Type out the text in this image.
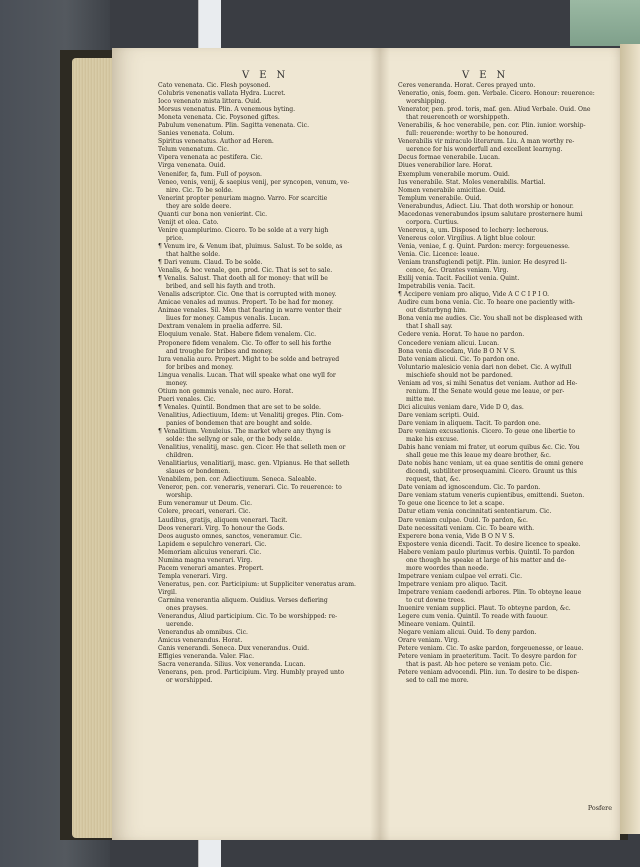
VEN	VEN
Cato venenata. Cic. Flesh poysoned.
Colubris venenatis vallata Hydra. Lucret.
Ioco venenato mista littera. Ouid.
Morsus venenatus. Plin. A venemous byting.
Moneta venenata. Cic. Poysoned giftes.
Pabulum venenatum. Plin. Sagitta venenata. Cic.
Sanies venenata. Colum.
Spiritus venenatus. Author ad Heren.
Telum venenatum. Cic.
Vipera venenata ac pestifera. Cic.
Virga venenata. Ouid.
Venenifer, fa, fum. Full of poyson.
Veneo, venis, venij, & saepius venij, per syncopen, venum, ve-
nire. Cic. To be solde.
Venerint propter penuriam magno. Varro. For scarcitie
they are solde deere.
Quanti cur bona non venierint. Cic.
Venijt et olea. Cato.
Venire quamplurimo. Cicero. To be solde at a very high
price.
¶ Venum ire, & Venum ibat, pluimus. Salust. To be solde, as
that halthe solde.
¶ Dari venum. Claud. To be solde.
Venalis, & hoc venale, gen. prod. Cic. That is set to sale.
¶ Venalis. Salust. That doeth all for money: that will be
bribed, and sell his fayth and troth.
Venalis adscriptor. Cic. One that is corrupted with money.
Amicae venales ad munus. Propert. To be had for money.
Animae venales. Sil. Men that fearing in warre venter their
liues for money. Campus venalis. Lucan.
Dextram venalem in praelia adferre. Sil.
Eloquium venale. Stat. Habere fidem venalem. Cic.
Proponere fidem venalem. Cic. To offer to sell his forthe
and troughe for bribes and money.
Iura venalia auro. Propert. Might to be solde and betrayed
for bribes and money.
Lingua venalis. Lucan. That will speake what one wyll for
money.
Otium non gemmis venale, nec auro. Horat.
Pueri venales. Cic.
¶ Venales. Quintil. Bondmen that are set to be solde.
Venalitius, Adiectiuum, Idem: ut Venalitij greges. Plin. Com-
panies of bondemen that are bought and solde.
¶ Venalitium. Venuleius. The market where any thyng is
solde: the sellyng or sale, or the body selde.
Venalitius, venalitij, masc. gen. Cicer. He that selleth men or
children.
Venalitiarius, venalitiarij, masc. gen. Vlpianus. He that selleth
slaues or bondemen.
Venabilem, pen. cor. Adiectiuum. Seneca. Saleable.
Veneror, pen. cor. veneraris, venerari. Cic. To reuerence: to
worship.
Eum veneramur ut Deum. Cic.
Colere, precari, venerari. Cic.
Laudibus, gratijs, aliquem venerari. Tacit.
Deos venerari. Virg. To honour the Gods.
Deos augusto omnes, sanctos, veneramur. Cic.
Lapidem e sepulchro venerari. Cic.
Memoriam alicuius venerari. Cic.
Numina magna venerari. Virg.
Pacem venerari amantes. Propert.
Templa venerari. Virg.
Veneratus, pen. cor. Participium: ut Suppliciter veneratus aram.
Virgil.
Carmina venerantia aliquem. Ouidius. Verses defiering
ones prayses.
Venerandus, Aliud participium. Cic. To be worshipped: re-
uerende.
Venerandus ab omnibus. Cic.
Amicus venerandus. Horat.
Canis venerandi. Seneca. Dux venerandus. Ouid.
Effigies veneranda. Valer. Flac.
Sacra veneranda. Silius. Vox veneranda. Lucan.
Venerans, pen. prod. Participium. Virg. Humbly prayed unto
or worshipped.
Ceres veneranda. Horat. Ceres prayed unto.
Veneratio, onis, foem. gen. Verbale. Cicero. Honour: reuerence:
worshipping.
Venerator, pen. prod. toris, maf. gen. Aliud Verbale. Ouid. One
that reuerenceth or worshippeth.
Venerabilis, & hoc venerabile, pen. cor. Plin. iunior. worship-
full: reuerende: worthy to be honoured.
Venerabilis vir miraculo literarum. Liu. A man worthy re-
uerence for his wonderfull and excellent learnyng.
Decus formae venerabile. Lucan.
Diues venerabilior lare. Horat.
Exemplum venerabile morum. Ouid.
Ius venerabile. Stat. Moles venerabilis. Martial.
Nomen venerabile amicitiae. Ouid.
Templum venerabile. Ouid.
Venerabundus, Adiect. Liu. That doth worship or honour.
Macedonas venerabundos ipsum salutare prosternere humi
corpora. Curtius.
Venereus, a, um. Disposed to lechery: lecherous.
Venereus color. Virgilius. A light blue colour.
Venia, veniae, f. g. Quint. Pardon: mercy: forgeuenesse.
Venia. Cic. Licence: leaue.
Veniam transfugiendi petijt. Plin. iunior. He desyred li-
cence, &c. Orantes veniam. Virg.
Exilij venia. Tacit. Faciliot venia. Quint.
Impetrabilis venia. Tacit.
¶ Accipere veniam pro aliquo, Vide A C C I P I O.
Audire cum bona venia. Cic. To heare one paciently with-
out disturbyng him.
Bona venia me audies. Cic. You shall not be displeased with
that I shall say.
Cedere venia. Horat. To haue no pardon.
Concedere veniam alicui. Lucan.
Bona venia discedam, Vide B O N V S.
Date veniam alicui. Cic. To pardon one.
Voluntario malesicio venia dari non debet. Cic. A wylfull
mischiefe should not be pardoned.
Veniam ad vos, si mihi Senatus det veniam. Author ad He-
renium. If the Senate would geue me leaue, or per-
mitte me.
Dici alicuius veniam dare, Vide D O, das.
Dare veniam scripti. Ouid.
Dare veniam in aliquem. Tacit. To pardon one.
Dare veniam excusationis. Cicero. To geue one libertie to
make his excuse.
Dabis hanc veniam mi frater, ut eorum quibus &c. Cic. You
shall geue me this leaue my deare brother, &c.
Date nobis hanc veniam, ut ea quae sentitis de omni genere
dicendi, subtiliter prosequamini. Cicero. Graunt us this
request, that, &c.
Date veniam ad ignoscendum. Cic. To pardon.
Dare veniam statum veneris cupientibus, emittendi. Sueton.
To geue one licence to let a scape.
Datur etiam venia concinnitati sententiarum. Cic.
Dare veniam culpae. Ouid. To pardon, &c.
Date necessitati veniam. Cic. To beare with.
Experere bona venia, Vide B O N V S.
Expostere venia dicendi. Tacit. To desire licence to speake.
Habere veniam paulo plurimus verbis. Quintil. To pardon
one though he speake at large of his matter and de-
more woordes than neede.
Impetrare veniam culpae vel errati. Cic.
Impetrare veniam pro aliquo. Tacit.
Impetrare veniam caedendi arbores. Plin. To obteyne leaue
to cut downe trees.
Inuenire veniam supplici. Plaut. To obteyne pardon, &c.
Legere cum venia. Quintil. To reade with fauour.
Mineare veniam. Quintil.
Negare veniam alicui. Ouid. To deny pardon.
Orare veniam. Virg.
Petere veniam. Cic. To aske pardon, forgeuenesse, or leaue.
Petere veniam in praeteritum. Tacit. To desyre pardon for
that is past. Ab hoc petere se veniam peto. Cic.
Petere veniam advocendi. Plin. iun. To desire to be dispen-
sed to call me more.
Posfere
